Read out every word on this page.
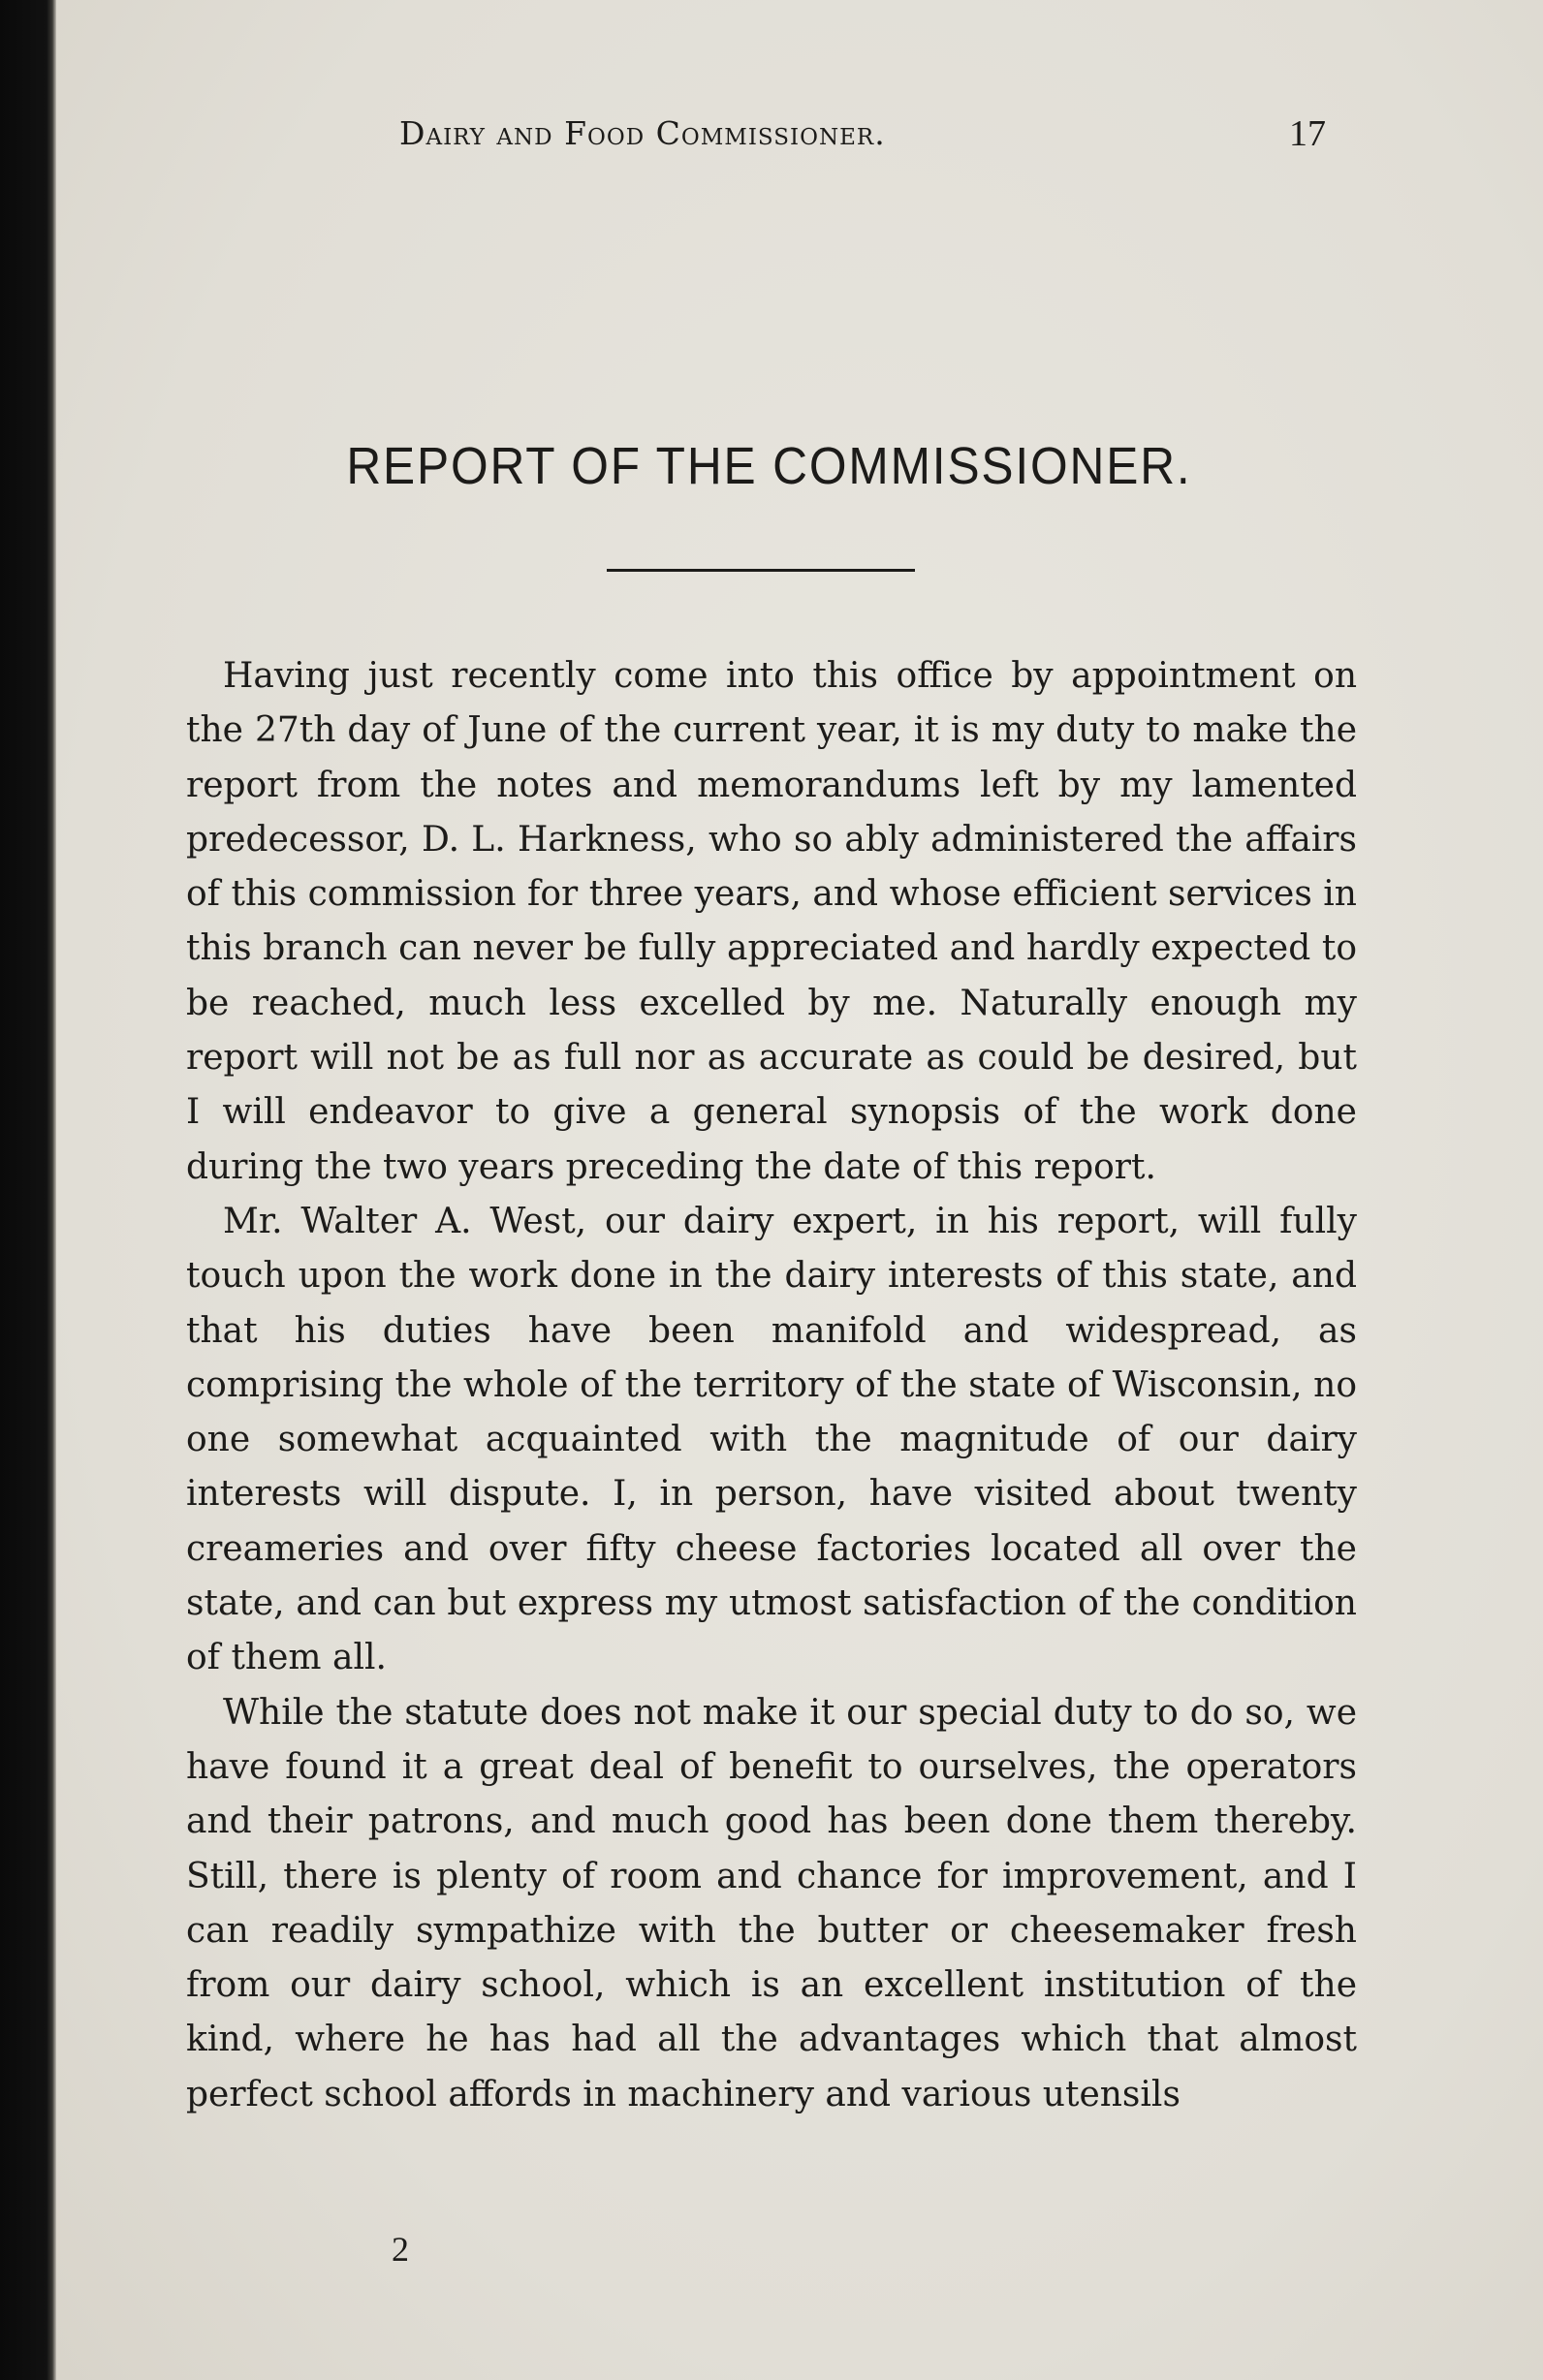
Dairy and Food Commissioner.	17
REPORT OF THE COMMISSIONER.

Having just recently come into this office by appointment on the 27th day of June of the current year, it is my duty to make the report from the notes and memorandums left by my lamented predecessor, D. L. Harkness, who so ably administered the affairs of this commission for three years, and whose efficient services in this branch can never be fully appreciated and hardly expected to be reached, much less excelled by me. Naturally enough my report will not be as full nor as accurate as could be desired, but I will endeavor to give a general synopsis of the work done during the two years preceding the date of this report.

Mr. Walter A. West, our dairy expert, in his report, will fully touch upon the work done in the dairy interests of this state, and that his duties have been manifold and widespread, as comprising the whole of the territory of the state of Wisconsin, no one somewhat acquainted with the magnitude of our dairy interests will dispute. I, in person, have visited about twenty creameries and over fifty cheese factories located all over the state, and can but express my utmost satisfaction of the condition of them all.

While the statute does not make it our special duty to do so, we have found it a great deal of benefit to ourselves, the operators and their patrons, and much good has been done them thereby. Still, there is plenty of room and chance for improvement, and I can readily sympathize with the butter or cheesemaker fresh from our dairy school, which is an excellent institution of the kind, where he has had all the advantages which that almost perfect school affords in machinery and various utensils

2
